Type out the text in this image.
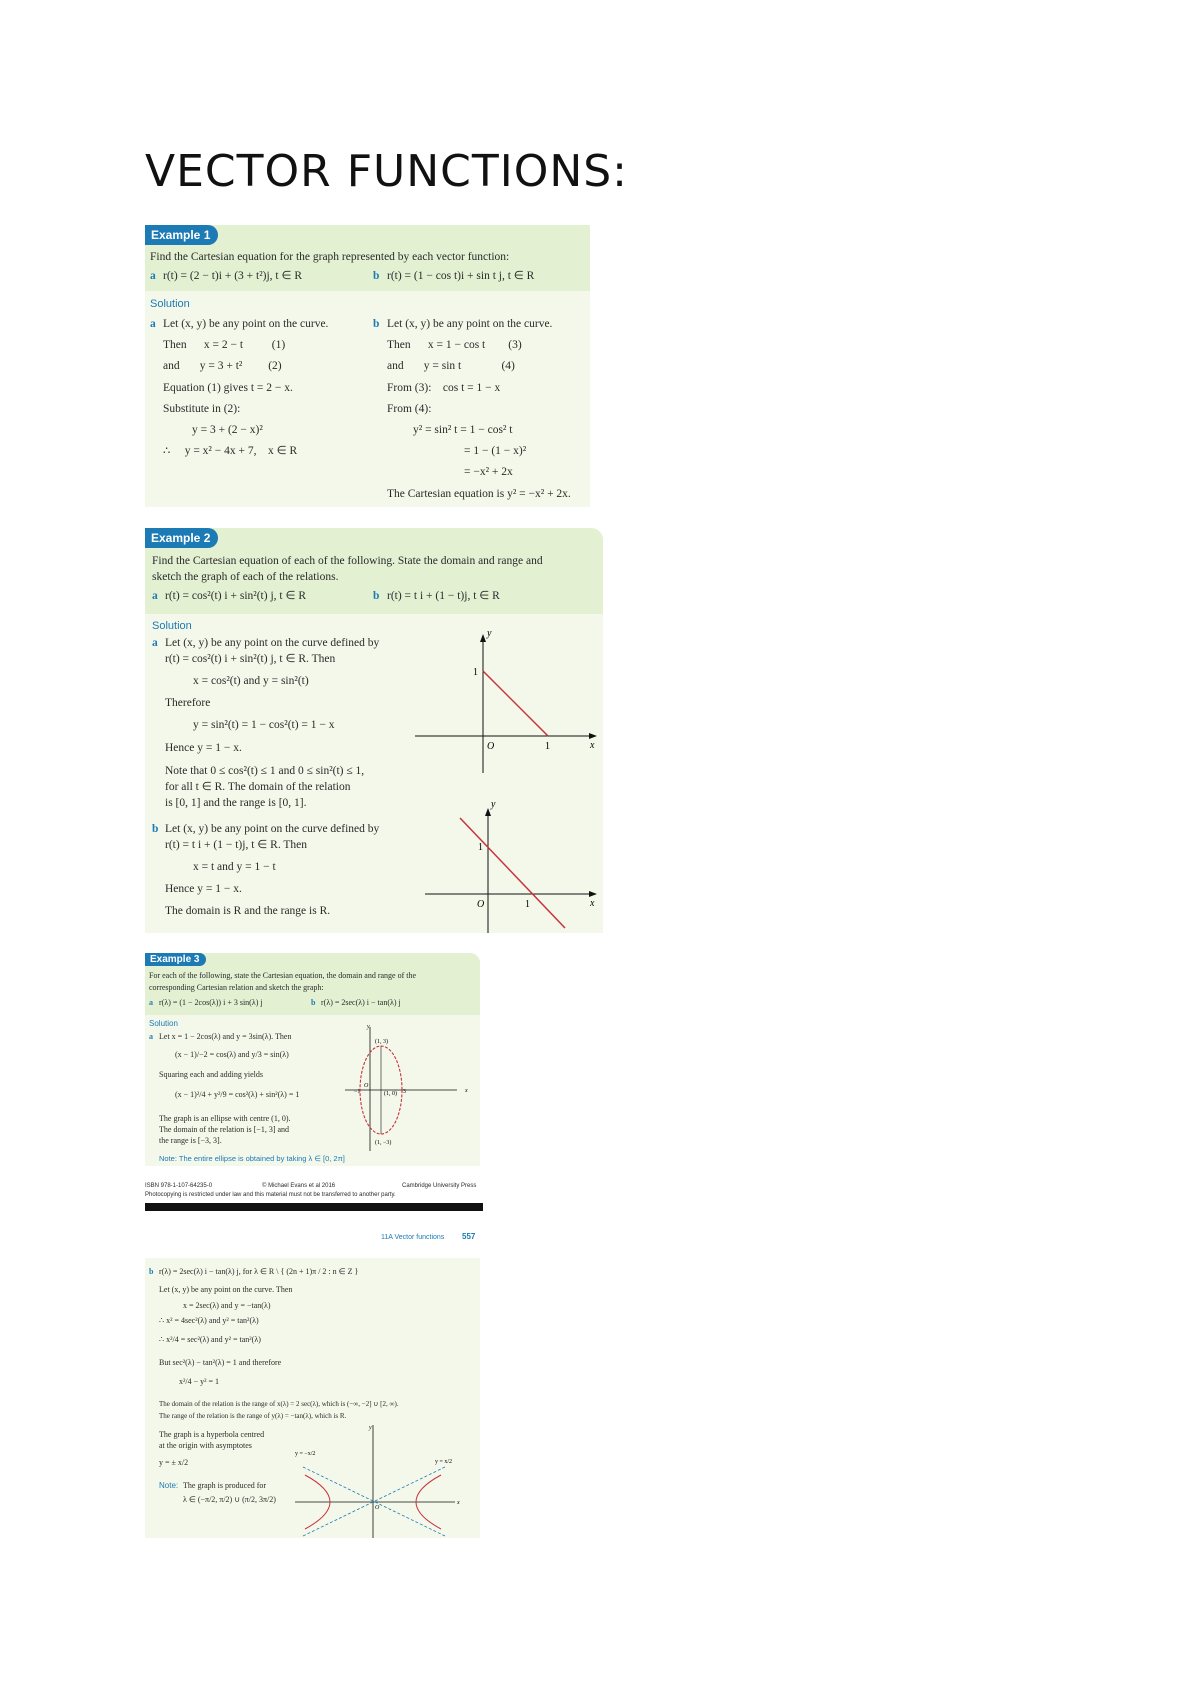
VECTOR FUNCTIONS:
Example 1
Find the Cartesian equation for the graph represented by each vector function:
a r(t) = (2 − t)i + (3 + t²)j, t ∈ R	b r(t) = (1 − cos t)i + sin t j, t ∈ R
Solution
a Let (x, y) be any point on the curve.
Then      x = 2 − t          (1)
and       y = 3 + t²         (2)
Equation (1) gives t = 2 − x.
Substitute in (2):
y = 3 + (2 − x)²
∴     y = x² − 4x + 7,    x ∈ R
b Let (x, y) be any point on the curve.
Then      x = 1 − cos t        (3)
and       y = sin t              (4)
From (3):    cos t = 1 − x
From (4):
y² = sin² t = 1 − cos² t
= 1 − (1 − x)²
= −x² + 2x
The Cartesian equation is y² = −x² + 2x.
Example 2
Find the Cartesian equation of each of the following. State the domain and range and
sketch the graph of each of the relations.
a r(t) = cos²(t) i + sin²(t) j, t ∈ R	b r(t) = t i + (1 − t)j, t ∈ R
Solution
a Let (x, y) be any point on the curve defined by
r(t) = cos²(t) i + sin²(t) j, t ∈ R. Then
x = cos²(t) and y = sin²(t)
Therefore
y = sin²(t) = 1 − cos²(t) = 1 − x
Hence y = 1 − x.
Note that 0 ≤ cos²(t) ≤ 1 and 0 ≤ sin²(t) ≤ 1,
for all t ∈ R. The domain of the relation
is [0, 1] and the range is [0, 1].
b Let (x, y) be any point on the curve defined by
r(t) = t i + (1 − t)j, t ∈ R. Then
x = t and y = 1 − t
Hence y = 1 − x.
The domain is R and the range is R.
y
x
1
O	1
y
x
1
O	1
Example 3
For each of the following, state the Cartesian equation, the domain and range of the
corresponding Cartesian relation and sketch the graph:
a r(λ) = (1 − 2cos(λ)) i + 3 sin(λ) j	b r(λ) = 2sec(λ) i − tan(λ) j
Solution
a Let x = 1 − 2cos(λ) and y = 3sin(λ). Then
(x − 1)/−2 = cos(λ) and y/3 = sin(λ)
Squaring each and adding yields
(x − 1)²/4 + y²/9 = cos²(λ) + sin²(λ) = 1
The graph is an ellipse with centre (1, 0).
The domain of the relation is [−1, 3] and
the range is [−3, 3].
Note: The entire ellipse is obtained by taking λ ∈ [0, 2π]
y
x
(1, 3)
(1, 0)
(1, −3)
−1
O
3
ISBN 978-1-107-64235-0	© Michael Evans et al 2016	Cambridge University Press
Photocopying is restricted under law and this material must not be transferred to another party.
11A Vector functions 557
b r(λ) = 2sec(λ) i − tan(λ) j, for λ ∈ R \ { (2n + 1)π / 2 : n ∈ Z }
Let (x, y) be any point on the curve. Then
x = 2sec(λ) and y = −tan(λ)
∴ x² = 4sec²(λ) and y² = tan²(λ)
∴ x²/4 = sec²(λ) and y² = tan²(λ)
But sec²(λ) − tan²(λ) = 1 and therefore
x²/4 − y² = 1
The domain of the relation is the range of x(λ) = 2 sec(λ), which is (−∞, −2] ∪ [2, ∞).
The range of the relation is the range of y(λ) = −tan(λ), which is R.
The graph is a hyperbola centred
at the origin with asymptotes
y = ± x/2
Note: The graph is produced for
λ ∈ (−π/2, π/2) ∪ (π/2, 3π/2)
y
x
y = −x/2
y = x/2
O
